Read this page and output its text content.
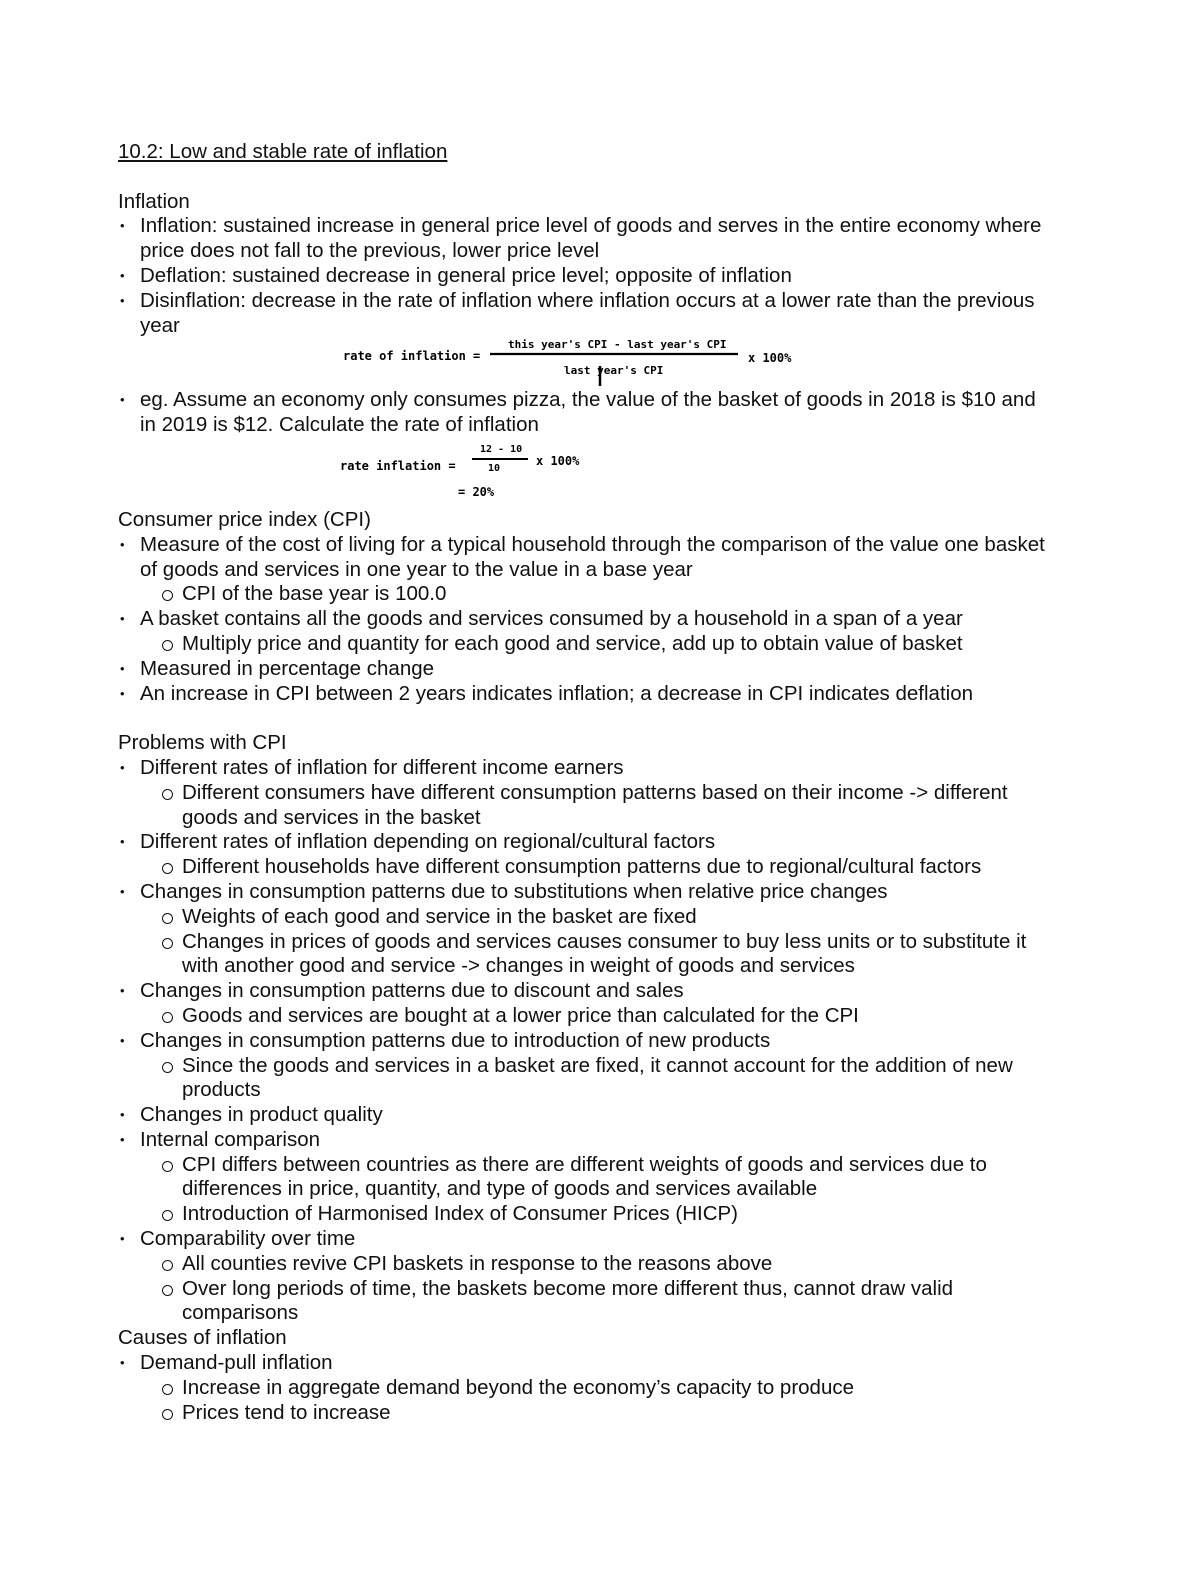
10.2: Low and stable rate of inflation
Inflation
• Inflation: sustained increase in general price level of goods and serves in the entire economy where
price does not fall to the previous, lower price level
• Deflation: sustained decrease in general price level; opposite of inflation
• Disinflation: decrease in the rate of inflation where inflation occurs at a lower rate than the previous
year
rate of inflation =
this year's CPI - last year's CPI
last year's CPI
x 100%
• eg. Assume an economy only consumes pizza, the value of the basket of goods in 2018 is $10 and
in 2019 is $12. Calculate the rate of inflation
rate inflation =
12 - 10
10
x 100%
= 20%
Consumer price index (CPI)
• Measure of the cost of living for a typical household through the comparison of the value one basket
of goods and services in one year to the value in a base year
CPI of the base year is 100.0
• A basket contains all the goods and services consumed by a household in a span of a year
Multiply price and quantity for each good and service, add up to obtain value of basket
• Measured in percentage change
• An increase in CPI between 2 years indicates inflation; a decrease in CPI indicates deflation
Problems with CPI
• Different rates of inflation for different income earners
Different consumers have different consumption patterns based on their income -> different
goods and services in the basket
• Different rates of inflation depending on regional/cultural factors
Different households have different consumption patterns due to regional/cultural factors
• Changes in consumption patterns due to substitutions when relative price changes
Weights of each good and service in the basket are fixed
Changes in prices of goods and services causes consumer to buy less units or to substitute it
with another good and service -> changes in weight of goods and services
• Changes in consumption patterns due to discount and sales
Goods and services are bought at a lower price than calculated for the CPI
• Changes in consumption patterns due to introduction of new products
Since the goods and services in a basket are fixed, it cannot account for the addition of new
products
• Changes in product quality
• Internal comparison
CPI differs between countries as there are different weights of goods and services due to
differences in price, quantity, and type of goods and services available
Introduction of Harmonised Index of Consumer Prices (HICP)
• Comparability over time
All counties revive CPI baskets in response to the reasons above
Over long periods of time, the baskets become more different thus, cannot draw valid
comparisons
Causes of inflation
• Demand-pull inflation
Increase in aggregate demand beyond the economy’s capacity to produce
Prices tend to increase
